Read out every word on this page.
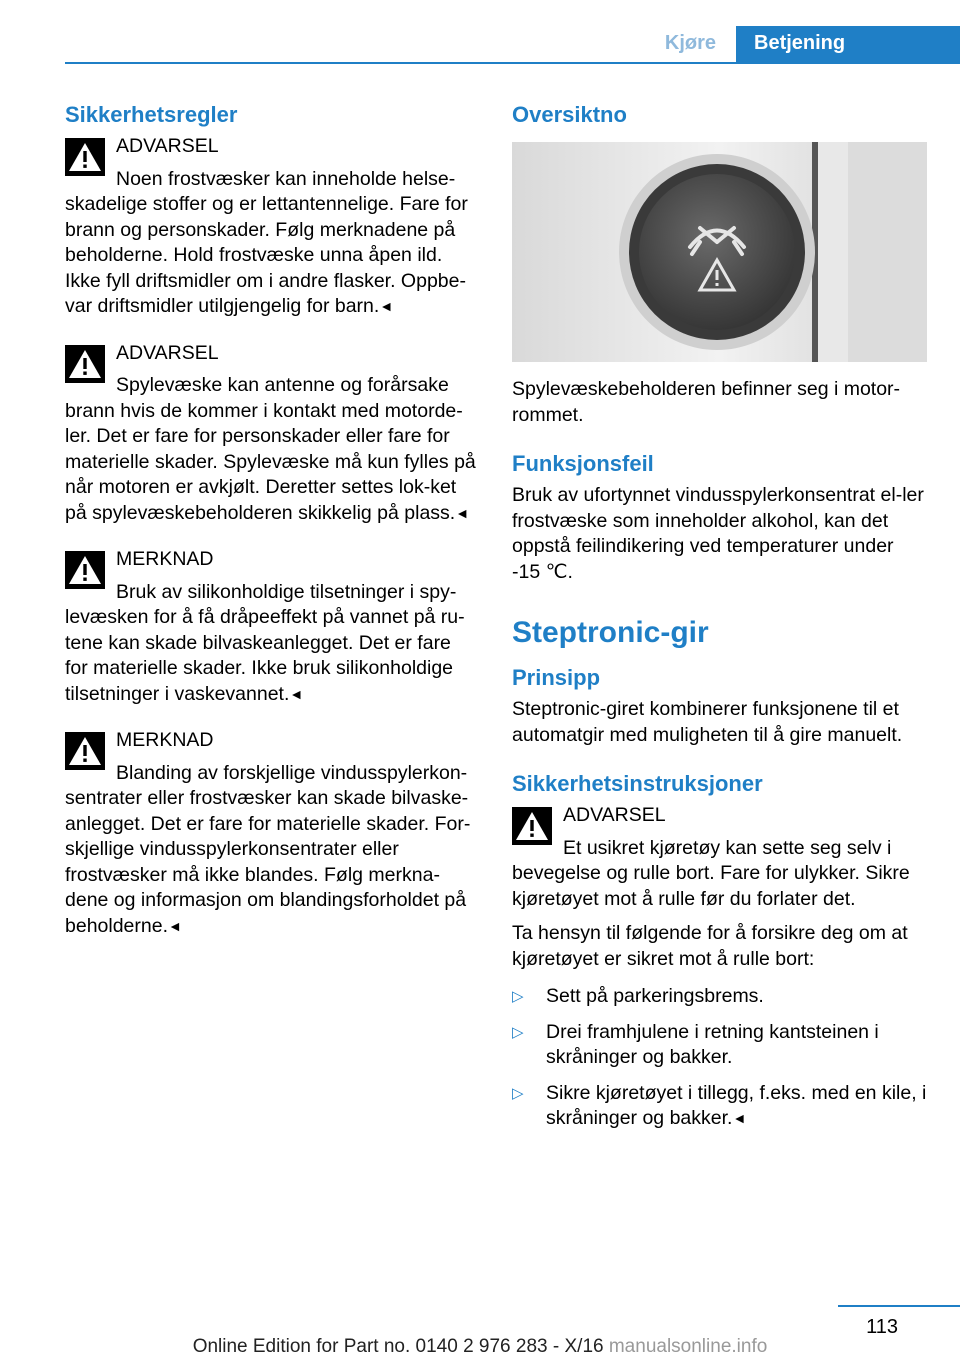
Kjøre	Betjening
Sikkerhetsregler
ADVARSEL

Noen frostvæsker kan inneholde helse-

skadelige stoffer og er lettantennelige. Fare for brann og personskader. Følg merknadene på beholderne. Hold frostvæske unna åpen ild. Ikke fyll driftsmidler om i andre flasker. Oppbe-var driftsmidler utilgjengelig for barn.◄

ADVARSEL

Spylevæske kan antenne og forårsake

brann hvis de kommer i kontakt med motorde-ler. Det er fare for personskader eller fare for materielle skader. Spylevæske må kun fylles på når motoren er avkjølt. Deretter settes lok-ket på spylevæskebeholderen skikkelig på plass.◄

MERKNAD

Bruk av silikonholdige tilsetninger i spy-

levæsken for å få dråpeeffekt på vannet på ru-tene kan skade bilvaskeanlegget. Det er fare for materielle skader. Ikke bruk silikonholdige tilsetninger i vaskevannet.◄

MERKNAD

Blanding av forskjellige vindusspylerkon-

sentrater eller frostvæsker kan skade bilvaske-anlegget. Det er fare for materielle skader. For-skjellige vindusspylerkonsentrater eller frostvæsker må ikke blandes. Følg merkna-dene og informasjon om blandingsforholdet på beholderne.◄

Oversiktno

Spylevæskebeholderen befinner seg i motor-rommet.

Funksjonsfeil

Bruk av ufortynnet vindusspylerkonsentrat el-ler frostvæske som inneholder alkohol, kan det oppstå feilindikering ved temperaturer under -15 ℃.

Steptronic-gir
Prinsipp

Steptronic-giret kombinerer funksjonene til et automatgir med muligheten til å gire manuelt.

Sikkerhetsinstruksjoner
ADVARSEL

Et usikret kjøretøy kan sette seg selv i

bevegelse og rulle bort. Fare for ulykker. Sikre kjøretøyet mot å rulle før du forlater det.

Ta hensyn til følgende for å forsikre deg om at kjøretøyet er sikret mot å rulle bort:

▷ Sett på parkeringsbrems.
▷ Drei framhjulene i retning kantsteinen i skråninger og bakker.
▷ Sikre kjøretøyet i tillegg, f.eks. med en kile, i skråninger og bakker.◄
113
Online Edition for Part no. 0140 2 976 283 - X/16 manualsonline.info
